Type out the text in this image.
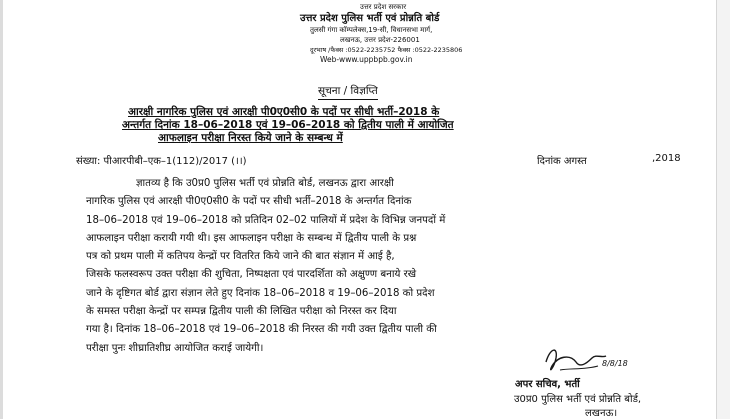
उत्तर प्रदेश सरकार
उत्तर प्रदेश पुलिस भर्ती एवं प्रोन्नति बोर्ड
तुलसी गंगा कॉम्पलेक्स,19-सी, विधानसभा मार्ग,
लखनऊ, उत्तर प्रदेश-226001
दूरभाष /फैक्स :0522-2235752 फैक्स :0522-2235806
Web-www.uppbpb.gov.in
सूचना / विज्ञप्ति
आरक्षी नागरिक पुलिस एवं आरक्षी पी0ए0सी0 के पदों पर सीधी भर्ती–2018 के
अन्तर्गत दिनांक 18–06–2018 एवं 19–06–2018 को द्वितीय पाली में आयोजित
आफलाइन परीक्षा निरस्त किये जाने के सम्बन्ध में
संख्या: पीआरपीबी–एक–1(112)/2017 (।।)	दिनांक अगस्त	,2018
ज्ञातव्य है कि उ0प्र0 पुलिस भर्ती एवं प्रोन्नति बोर्ड, लखनऊ द्वारा आरक्षी
नागरिक पुलिस एवं आरक्षी पी0ए0सी0 के पदों पर सीधी भर्ती–2018 के अन्तर्गत दिनांक
18–06–2018 एवं 19–06–2018 को प्रतिदिन 02–02 पालियों में प्रदेश के विभिन्न जनपदों में
आफलाइन परीक्षा करायी गयी थी। इस आफलाइन परीक्षा के सम्बन्ध में द्वितीय पाली के प्रश्न
पत्र को प्रथम पाली में कतिपय केन्द्रों पर वितरित किये जाने की बात संज्ञान में आई है,
जिसके फलस्वरूप उक्त परीक्षा की शुचिता, निष्पक्षता एवं पारदर्शिता को अक्षुण्ण बनाये रखे
जाने के दृष्टिगत बोर्ड द्वारा संज्ञान लेते हुए दिनांक 18–06–2018 व 19–06–2018 को प्रदेश
के समस्त परीक्षा केन्द्रों पर सम्पन्न द्वितीय पाली की लिखित परीक्षा को निरस्त कर दिया
गया है। दिनांक 18–06–2018 एवं 19–06–2018 की निरस्त की गयी उक्त द्वितीय पाली की
परीक्षा पुनः शीघ्रातिशीघ्र आयोजित कराई जायेगी।
8/8/18
अपर सचिव, भर्ती
उ0प्र0 पुलिस भर्ती एवं प्रोन्नति बोर्ड,
लखनऊ।
